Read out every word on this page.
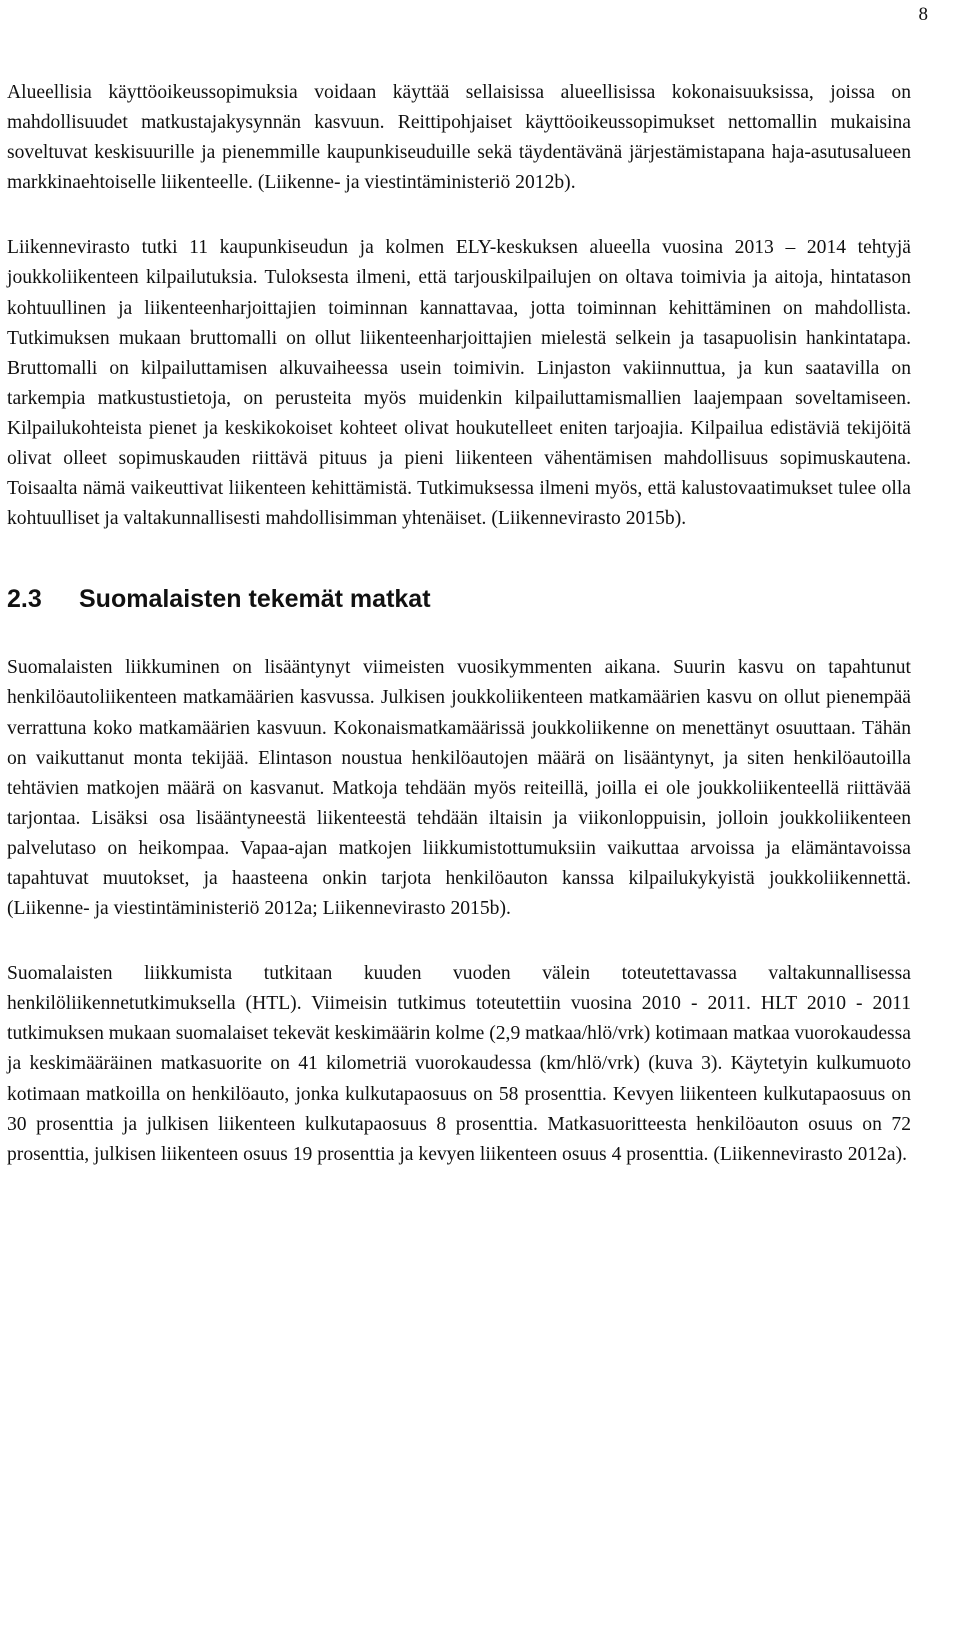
8

Alueellisia käyttöoikeussopimuksia voidaan käyttää sellaisissa alueellisissa kokonaisuuksissa, joissa on mahdollisuudet matkustajakysynnän kasvuun. Reittipohjaiset käyttöoikeussopimukset nettomallin mukaisina soveltuvat keskisuurille ja pienemmille kaupunkiseuduille sekä täydentävänä järjestämistapana haja-asutusalueen markkinaehtoiselle liikenteelle. (Liikenne- ja viestintäministeriö 2012b).

Liikennevirasto tutki 11 kaupunkiseudun ja kolmen ELY-keskuksen alueella vuosina 2013 – 2014 tehtyjä joukkoliikenteen kilpailutuksia. Tuloksesta ilmeni, että tarjouskilpailujen on oltava toimivia ja aitoja, hintatason kohtuullinen ja liikenteenharjoittajien toiminnan kannattavaa, jotta toiminnan kehittäminen on mahdollista. Tutkimuksen mukaan bruttomalli on ollut liikenteenharjoittajien mielestä selkein ja tasapuolisin hankintatapa. Bruttomalli on kilpailuttamisen alkuvaiheessa usein toimivin. Linjaston vakiinnuttua, ja kun saatavilla on tarkempia matkustustietoja, on perusteita myös muidenkin kilpailuttamismallien laajempaan soveltamiseen. Kilpailukohteista pienet ja keskikokoiset kohteet olivat houkutelleet eniten tarjoajia. Kilpailua edistäviä tekijöitä olivat olleet sopimuskauden riittävä pituus ja pieni liikenteen vähentämisen mahdollisuus sopimuskautena. Toisaalta nämä vaikeuttivat liikenteen kehittämistä. Tutkimuksessa ilmeni myös, että kalustovaatimukset tulee olla kohtuulliset ja valtakunnallisesti mahdollisimman yhtenäiset. (Liikennevirasto 2015b).

2.3	Suomalaisten tekemät matkat

Suomalaisten liikkuminen on lisääntynyt viimeisten vuosikymmenten aikana. Suurin kasvu on tapahtunut henkilöautoliikenteen matkamäärien kasvussa. Julkisen joukkoliikenteen matkamäärien kasvu on ollut pienempää verrattuna koko matkamäärien kasvuun. Kokonaismatkamäärissä joukkoliikenne on menettänyt osuuttaan. Tähän on vaikuttanut monta tekijää. Elintason noustua henkilöautojen määrä on lisääntynyt, ja siten henkilöautoilla tehtävien matkojen määrä on kasvanut. Matkoja tehdään myös reiteillä, joilla ei ole joukkoliikenteellä riittävää tarjontaa. Lisäksi osa lisääntyneestä liikenteestä tehdään iltaisin ja viikonloppuisin, jolloin joukkoliikenteen palvelutaso on heikompaa. Vapaa-ajan matkojen liikkumistottumuksiin vaikuttaa arvoissa ja elämäntavoissa tapahtuvat muutokset, ja haasteena onkin tarjota henkilöauton kanssa kilpailukykyistä joukkoliikennettä. (Liikenne- ja viestintäministeriö 2012a; Liikennevirasto 2015b).

Suomalaisten liikkumista tutkitaan kuuden vuoden välein toteutettavassa valtakunnallisessa henkilöliikennetutkimuksella (HTL). Viimeisin tutkimus toteutettiin vuosina 2010 - 2011. HLT 2010 - 2011 tutkimuksen mukaan suomalaiset tekevät keskimäärin kolme (2,9 matkaa/hlö/vrk) kotimaan matkaa vuorokaudessa ja keskimääräinen matkasuorite on 41 kilometriä vuorokaudessa (km/hlö/vrk) (kuva 3). Käytetyin kulkumuoto kotimaan matkoilla on henkilöauto, jonka kulkutapaosuus on 58 prosenttia. Kevyen liikenteen kulkutapaosuus on 30 prosenttia ja julkisen liikenteen kulkutapaosuus 8 prosenttia. Matkasuoritteesta henkilöauton osuus on 72 prosenttia, julkisen liikenteen osuus 19 prosenttia ja kevyen liikenteen osuus 4 prosenttia. (Liikennevirasto 2012a).
